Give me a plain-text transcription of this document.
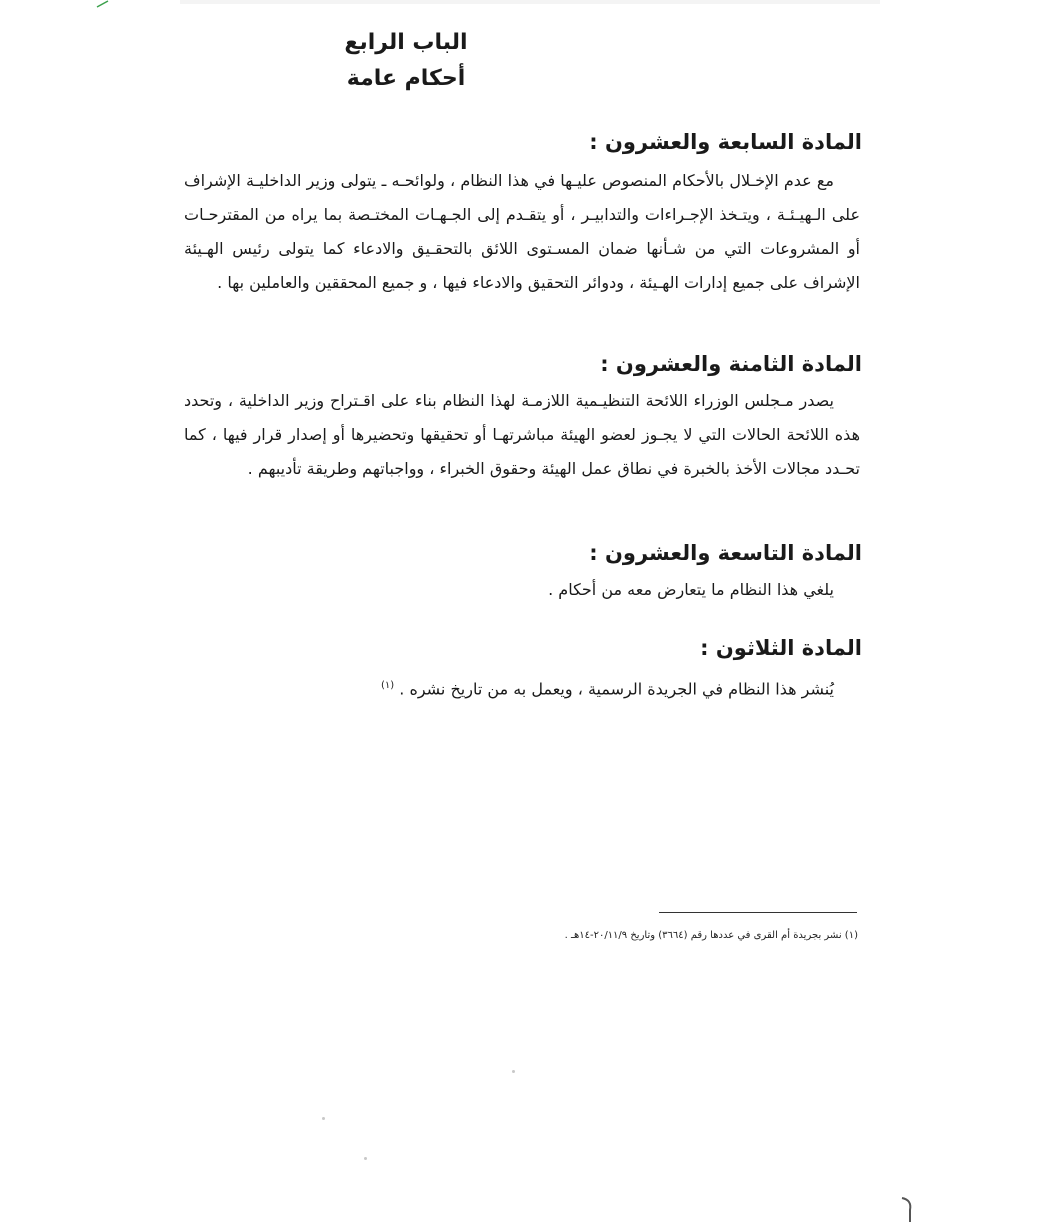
الباب الرابع
أحكام عامة
المادة السابعة والعشرون :
مع عدم الإخـلال بالأحكام المنصوص عليـها في هذا النظام ، ولوائحـه ـ يتولى وزير الداخليـة الإشراف على الـهيـئـة ، ويتـخذ الإجـراءات والتدابيـر ، أو يتقـدم إلى الجـهـات المختـصة بما يراه من المقترحـات أو المشروعات التي من شـأنها ضمان المسـتوى اللائق بالتحقـيق والادعاء كما يتولى رئيس الهـيئة الإشراف على جميع إدارات الهـيئة ، ودوائر التحقيق والادعاء فيها ، و جميع المحققين والعاملين بها .
المادة الثامنة والعشرون :
يصدر مـجلس الوزراء اللائحة التنظيـمية اللازمـة لهذا النظام بناء على اقـتراح وزير الداخلية ، وتحدد هذه اللائحة الحالات التي لا يجـوز لعضو الهيئة مباشرتهـا أو تحقيقها وتحضيرها أو إصدار قرار فيها ، كما تحـدد مجالات الأخذ بالخبرة في نطاق عمل الهيئة وحقوق الخبراء ، وواجباتهم وطريقة تأديبهم .
المادة التاسعة والعشرون :
يلغي هذا النظام ما يتعارض معه من أحكام .
المادة الثلاثون :
يُنشر هذا النظام في الجريدة الرسمية ، ويعمل به من تاريخ نشره . $^{(١)}$
(١) نشر بجريدة أم القرى في عددها رقم (٣٦٦٤) وتاريخ ٢٠/١١/٩-١٤هـ .
